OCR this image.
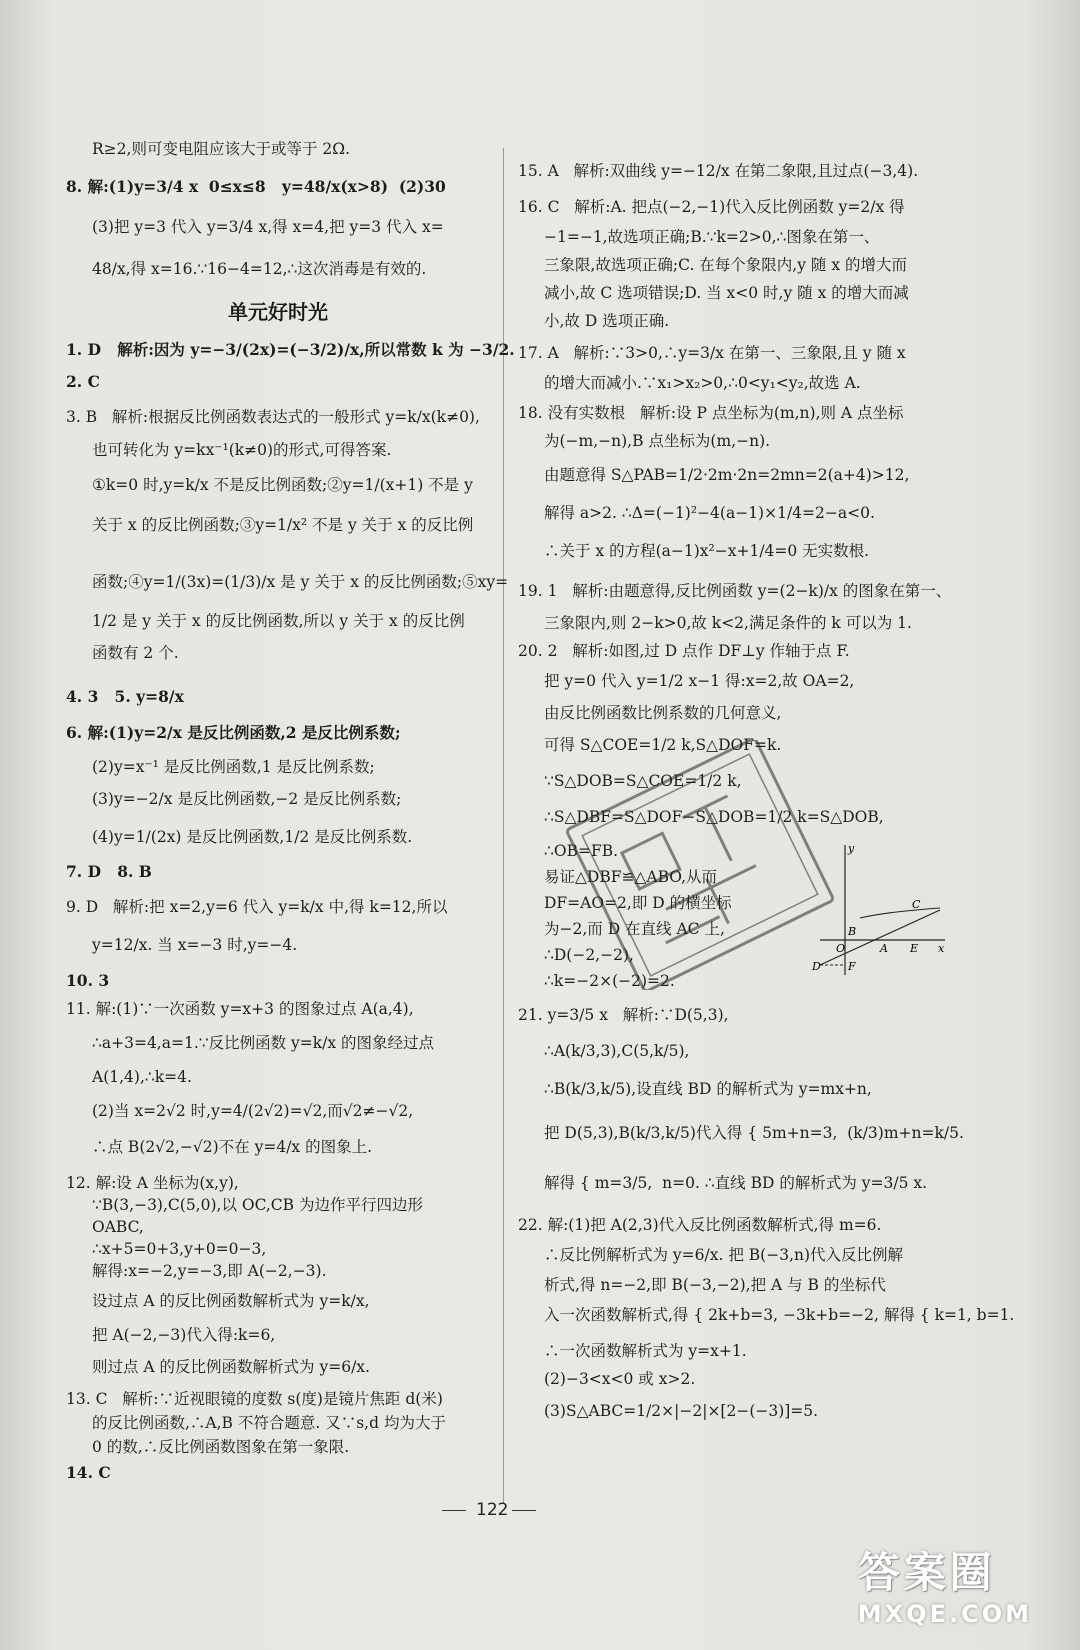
单元好时光
R≥2,则可变电阻应该大于或等于 2Ω.
8. 解:(1)y=3/4 x  0≤x≤8   y=48/x(x>8)  (2)30
(3)把 y=3 代入 y=3/4 x,得 x=4,把 y=3 代入 x=
48/x,得 x=16.∵16−4=12,∴这次消毒是有效的.
1. D   解析:因为 y=−3/(2x)=(−3/2)/x,所以常数 k 为 −3/2.
2. C
3. B   解析:根据反比例函数表达式的一般形式 y=k/x(k≠0),
也可转化为 y=kx⁻¹(k≠0)的形式,可得答案.
①k=0 时,y=k/x 不是反比例函数;②y=1/(x+1) 不是 y
关于 x 的反比例函数;③y=1/x² 不是 y 关于 x 的反比例
函数;④y=1/(3x)=(1/3)/x 是 y 关于 x 的反比例函数;⑤xy=
1/2 是 y 关于 x 的反比例函数,所以 y 关于 x 的反比例
函数有 2 个.
4. 3   5. y=8/x
6. 解:(1)y=2/x 是反比例函数,2 是反比例系数;
(2)y=x⁻¹ 是反比例函数,1 是反比例系数;
(3)y=−2/x 是反比例函数,−2 是反比例系数;
(4)y=1/(2x) 是反比例函数,1/2 是反比例系数.
7. D   8. B
9. D   解析:把 x=2,y=6 代入 y=k/x 中,得 k=12,所以
y=12/x. 当 x=−3 时,y=−4.
10. 3
11. 解:(1)∵一次函数 y=x+3 的图象过点 A(a,4),
∴a+3=4,a=1.∵反比例函数 y=k/x 的图象经过点
A(1,4),∴k=4.
(2)当 x=2√2 时,y=4/(2√2)=√2,而√2≠−√2,
∴点 B(2√2,−√2)不在 y=4/x 的图象上.
12. 解:设 A 坐标为(x,y),
∵B(3,−3),C(5,0),以 OC,CB 为边作平行四边形
OABC,
∴x+5=0+3,y+0=0−3,
解得:x=−2,y=−3,即 A(−2,−3).
设过点 A 的反比例函数解析式为 y=k/x,
把 A(−2,−3)代入得:k=6,
则过点 A 的反比例函数解析式为 y=6/x.
13. C   解析:∵近视眼镜的度数 s(度)是镜片焦距 d(米)
的反比例函数,∴A,B 不符合题意. 又∵s,d 均为大于
0 的数,∴反比例函数图象在第一象限.
14. C
15. A   解析:双曲线 y=−12/x 在第二象限,且过点(−3,4).
16. C   解析:A. 把点(−2,−1)代入反比例函数 y=2/x 得
−1=−1,故选项正确;B.∵k=2>0,∴图象在第一、
三象限,故选项正确;C. 在每个象限内,y 随 x 的增大而
减小,故 C 选项错误;D. 当 x<0 时,y 随 x 的增大而减
小,故 D 选项正确.
17. A   解析:∵3>0,∴y=3/x 在第一、三象限,且 y 随 x
的增大而减小.∵x₁>x₂>0,∴0<y₁<y₂,故选 A.
18. 没有实数根   解析:设 P 点坐标为(m,n),则 A 点坐标
为(−m,−n),B 点坐标为(m,−n).
由题意得 S△PAB=1/2·2m·2n=2mn=2(a+4)>12,
解得 a>2. ∴Δ=(−1)²−4(a−1)×1/4=2−a<0.
∴关于 x 的方程(a−1)x²−x+1/4=0 无实数根.
19. 1   解析:由题意得,反比例函数 y=(2−k)/x 的图象在第一、
三象限内,则 2−k>0,故 k<2,满足条件的 k 可以为 1.
20. 2   解析:如图,过 D 点作 DF⊥y 作轴于点 F.
把 y=0 代入 y=1/2 x−1 得:x=2,故 OA=2,
由反比例函数比例系数的几何意义,
可得 S△COE=1/2 k,S△DOF=k.
∵S△DOB=S△COE=1/2 k,
∴S△DBF=S△DOF−S△DOB=1/2 k=S△DOB,
∴OB=FB.
易证△DBF≌△ABO,从而
DF=AO=2,即 D 的横坐标
为−2,而 D 在直线 AC 上,
∴D(−2,−2),
∴k=−2×(−2)=2.
21. y=3/5 x   解析:∵D(5,3),
∴A(k/3,3),C(5,k/5),
∴B(k/3,k/5),设直线 BD 的解析式为 y=mx+n,
把 D(5,3),B(k/3,k/5)代入得 { 5m+n=3,  (k/3)m+n=k/5.
解得 { m=3/5,  n=0. ∴直线 BD 的解析式为 y=3/5 x.
22. 解:(1)把 A(2,3)代入反比例函数解析式,得 m=6.
∴反比例解析式为 y=6/x. 把 B(−3,n)代入反比例解
析式,得 n=−2,即 B(−3,−2),把 A 与 B 的坐标代
入一次函数解析式,得 { 2k+b=3, −3k+b=−2, 解得 { k=1, b=1.
∴一次函数解析式为 y=x+1.
(2)−3<x<0 或 x>2.
(3)S△ABC=1/2×|−2|×[2−(−3)]=5.
y
x
O	A E
C
B
D F
122
答案圈
MXQE.COM
